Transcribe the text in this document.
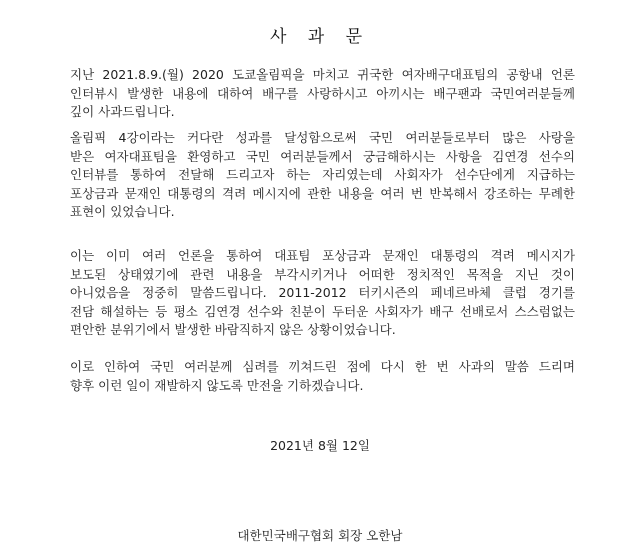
사 과 문

지난 2021.8.9.(월) 2020 도쿄올림픽을 마치고 귀국한 여자배구대표팀의 공항내 언론
인터뷰시 발생한 내용에 대하여 배구를 사랑하시고 아끼시는 배구팬과 국민여러분들께
깊이 사과드립니다.

올림픽 4강이라는 커다란 성과를 달성함으로써 국민 여러분들로부터 많은 사랑을
받은 여자대표팀을 환영하고 국민 여러분들께서 궁금해하시는 사항을 김연경 선수의
인터뷰를 통하여 전달해 드리고자 하는 자리였는데 사회자가 선수단에게 지급하는
포상금과 문재인 대통령의 격려 메시지에 관한 내용을 여러 번 반복해서 강조하는 무례한
표현이 있었습니다.

이는 이미 여러 언론을 통하여 대표팀 포상금과 문재인 대통령의 격려 메시지가
보도된 상태였기에 관련 내용을 부각시키거나 어떠한 정치적인 목적을 지닌 것이
아니었음을 정중히 말씀드립니다. 2011-2012 터키시즌의 페네르바체 클럽 경기를
전담 해설하는 등 평소 김연경 선수와 친분이 두터운 사회자가 배구 선배로서 스스럼없는
편안한 분위기에서 발생한 바람직하지 않은 상황이었습니다.

이로 인하여 국민 여러분께 심려를 끼쳐드린 점에 다시 한 번 사과의 말씀 드리며
향후 이런 일이 재발하지 않도록 만전을 기하겠습니다.

2021년 8월 12일
대한민국배구협회 회장 오한남
